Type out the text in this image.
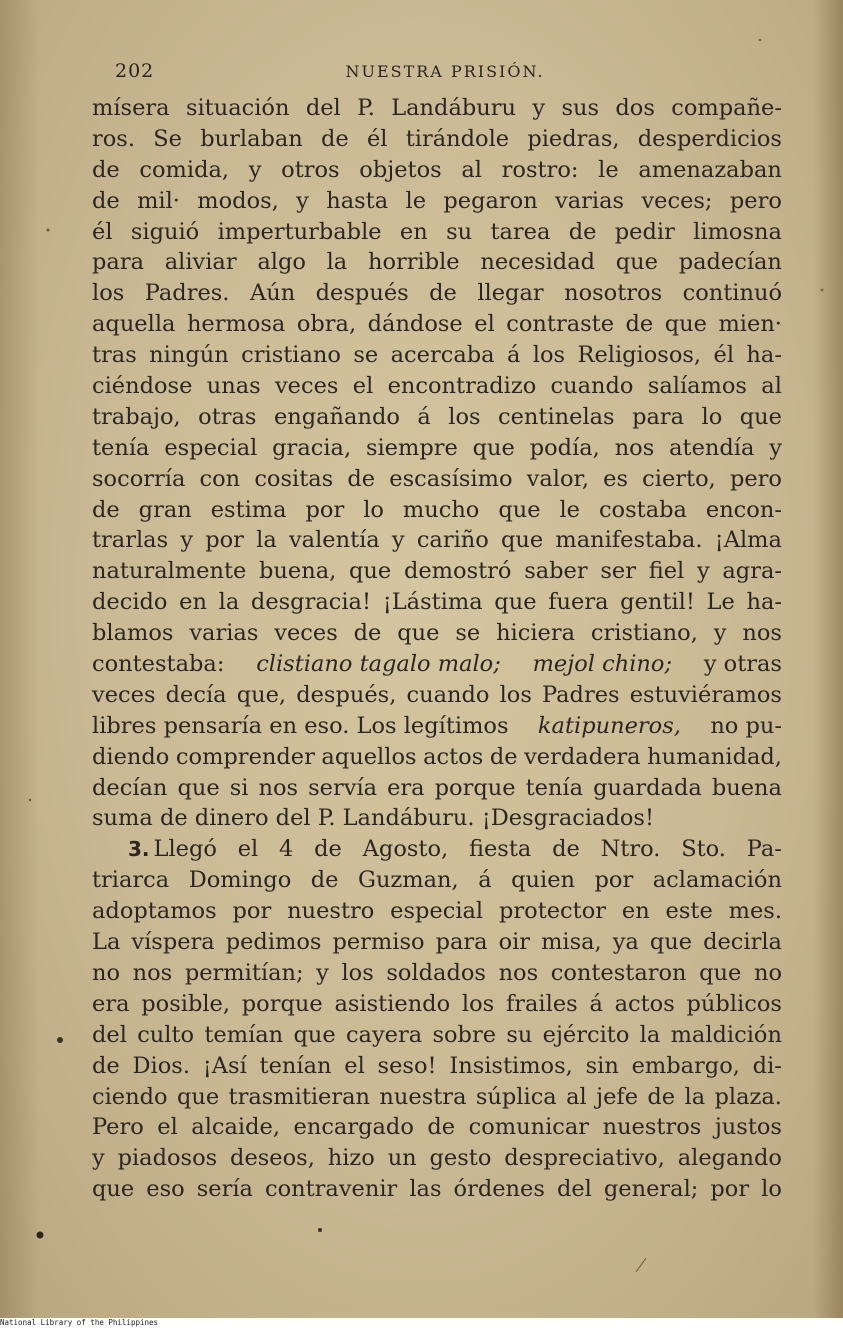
202	NUESTRA PRISIÓN.
mísera situación del P. Landáburu y sus dos compañe-
ros. Se burlaban de él tirándole piedras, desperdicios
de comida, y otros objetos al rostro: le amenazaban
de mil· modos, y hasta le pegaron varias veces; pero
él siguió imperturbable en su tarea de pedir limosna
para aliviar algo la horrible necesidad que padecían
los Padres. Aún después de llegar nosotros continuó
aquella hermosa obra, dándose el contraste de que mien·
tras ningún cristiano se acercaba á los Religiosos, él ha-
ciéndose unas veces el encontradizo cuando salíamos al
trabajo, otras engañando á los centinelas para lo que
tenía especial gracia, siempre que podía, nos atendía y
socorría con cositas de escasísimo valor, es cierto, pero
de gran estima por lo mucho que le costaba encon-
trarlas y por la valentía y cariño que manifestaba. ¡Alma
naturalmente buena, que demostró saber ser fiel y agra-
decido en la desgracia! ¡Lástima que fuera gentil! Le ha-
blamos varias veces de que se hiciera cristiano, y nos
contestaba: clistiano tagalo malo; mejol chino; y otras
veces decía que, después, cuando los Padres estuviéramos
libres pensaría en eso. Los legítimos katipuneros, no pu-
diendo comprender aquellos actos de verdadera humanidad,
decían que si nos servía era porque tenía guardada buena
suma de dinero del P. Landáburu. ¡Desgraciados!
3. Llegó el 4 de Agosto, fiesta de Ntro. Sto. Pa-
triarca Domingo de Guzman, á quien por aclamación
adoptamos por nuestro especial protector en este mes.
La víspera pedimos permiso para oir misa, ya que decirla
no nos permitían; y los soldados nos contestaron que no
era posible, porque asistiendo los frailes á actos públicos
del culto temían que cayera sobre su ejército la maldición
de Dios. ¡Así tenían el seso! Insistimos, sin embargo, di-
ciendo que trasmitieran nuestra súplica al jefe de la plaza.
Pero el alcaide, encargado de comunicar nuestros justos
y piadosos deseos, hizo un gesto despreciativo, alegando
que eso sería contravenir las órdenes del general; por lo
National Library of the Philippines
